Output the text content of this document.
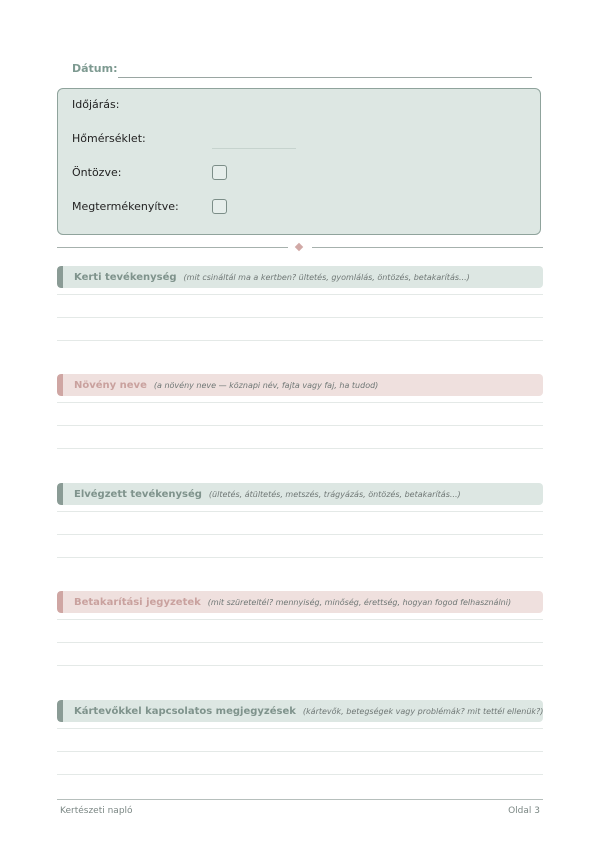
Dátum:
Időjárás:
Hőmérséklet:
Öntözve:
Megtermékenyítve:
Kerti tevékenység (mit csináltál ma a kertben? ültetés, gyomlálás, öntözés, betakarítás...)
Növény neve (a növény neve — köznapi név, fajta vagy faj, ha tudod)
Elvégzett tevékenység (ültetés, átültetés, metszés, trágyázás, öntözés, betakarítás...)
Betakarítási jegyzetek (mit szüreteltél? mennyiség, minőség, érettség, hogyan fogod felhasználni)
Kártevőkkel kapcsolatos megjegyzések (kártevők, betegségek vagy problémák? mit tettél ellenük?)
Kertészeti napló	Oldal 3
